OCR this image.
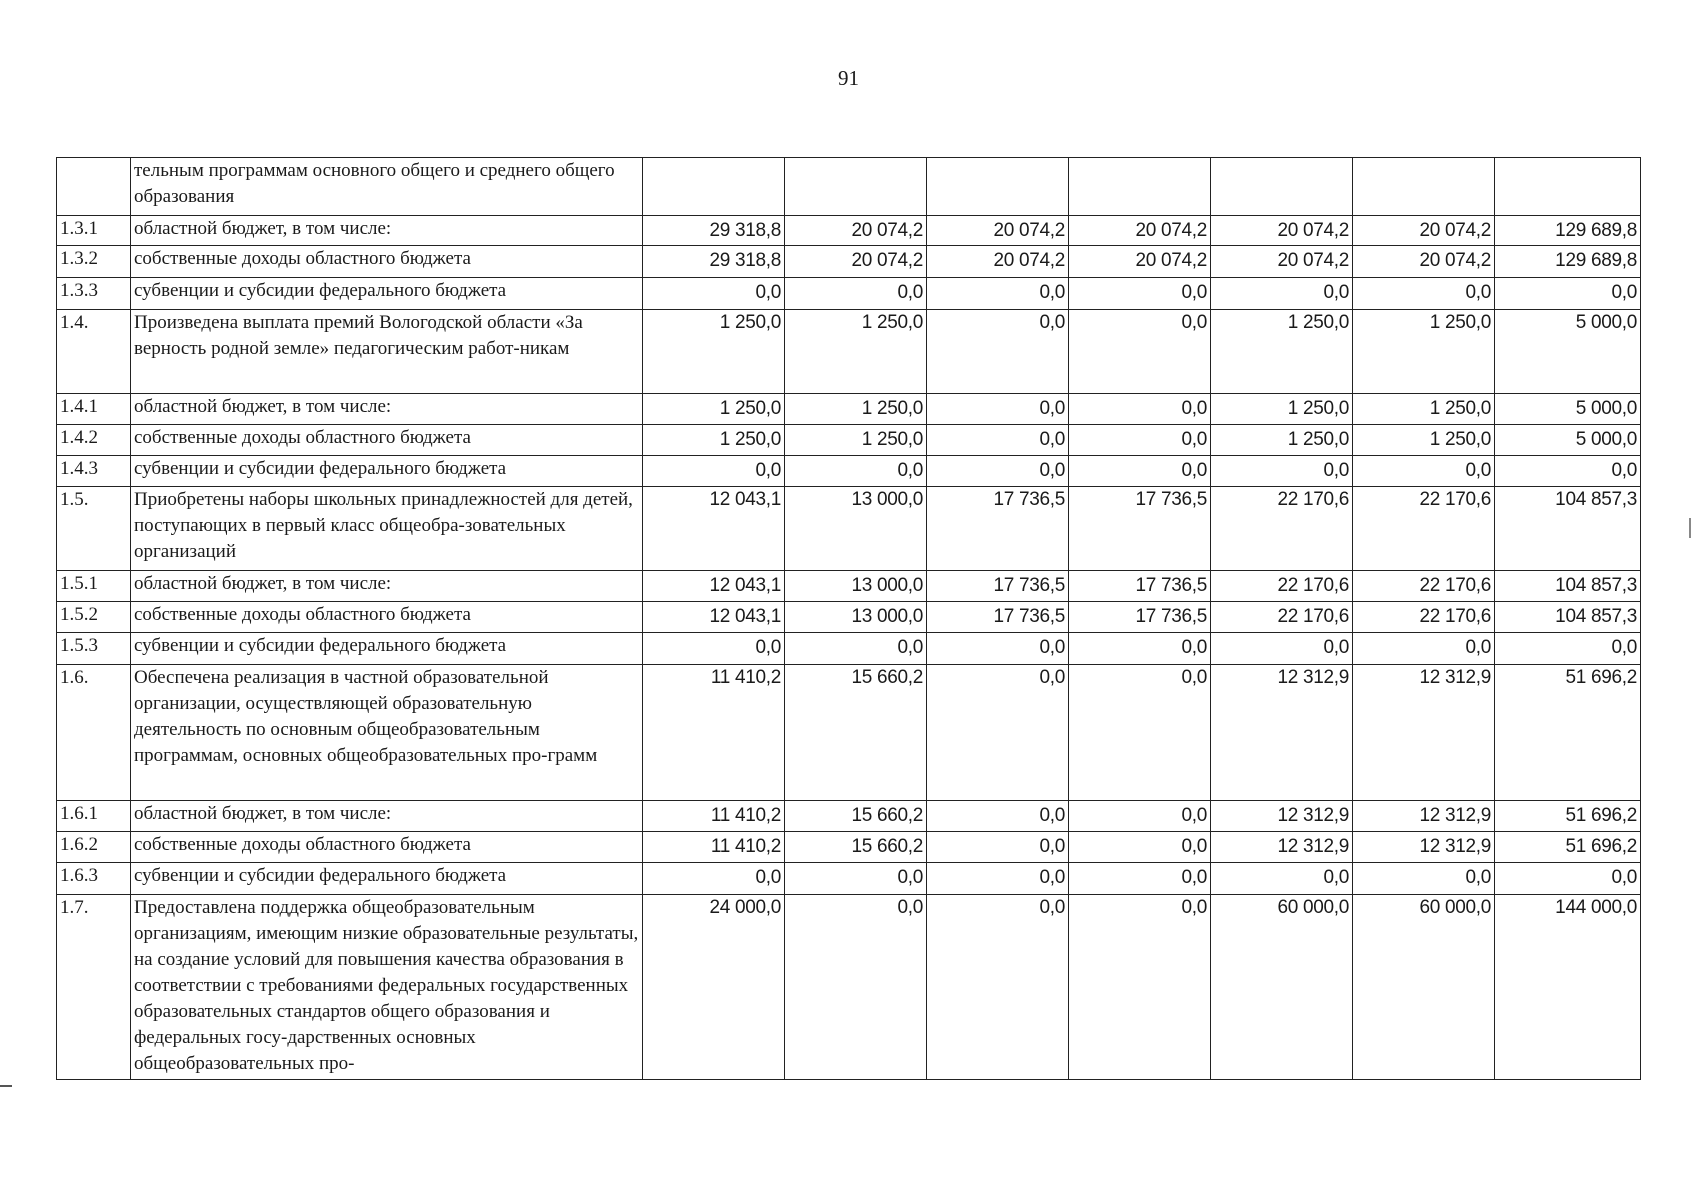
91
	тельным программам основного общего и среднего общего образования							
1.3.1	областной бюджет, в том числе:	29 318,8	20 074,2	20 074,2	20 074,2	20 074,2	20 074,2	129 689,8
1.3.2	собственные доходы областного бюджета	29 318,8	20 074,2	20 074,2	20 074,2	20 074,2	20 074,2	129 689,8
1.3.3	субвенции и субсидии федерального бюджета	0,0	0,0	0,0	0,0	0,0	0,0	0,0
1.4.	Произведена выплата премий Вологодской области «За верность родной земле» педагогическим работ-никам	1 250,0	1 250,0	0,0	0,0	1 250,0	1 250,0	5 000,0
1.4.1	областной бюджет, в том числе:	1 250,0	1 250,0	0,0	0,0	1 250,0	1 250,0	5 000,0
1.4.2	собственные доходы областного бюджета	1 250,0	1 250,0	0,0	0,0	1 250,0	1 250,0	5 000,0
1.4.3	субвенции и субсидии федерального бюджета	0,0	0,0	0,0	0,0	0,0	0,0	0,0
1.5.	Приобретены наборы школьных принадлежностей для детей, поступающих в первый класс общеобра-зовательных организаций	12 043,1	13 000,0	17 736,5	17 736,5	22 170,6	22 170,6	104 857,3
1.5.1	областной бюджет, в том числе:	12 043,1	13 000,0	17 736,5	17 736,5	22 170,6	22 170,6	104 857,3
1.5.2	собственные доходы областного бюджета	12 043,1	13 000,0	17 736,5	17 736,5	22 170,6	22 170,6	104 857,3
1.5.3	субвенции и субсидии федерального бюджета	0,0	0,0	0,0	0,0	0,0	0,0	0,0
1.6.	Обеспечена реализация в частной образовательной организации, осуществляющей образовательную деятельность по основным общеобразовательным программам, основных общеобразовательных про-грамм	11 410,2	15 660,2	0,0	0,0	12 312,9	12 312,9	51 696,2
1.6.1	областной бюджет, в том числе:	11 410,2	15 660,2	0,0	0,0	12 312,9	12 312,9	51 696,2
1.6.2	собственные доходы областного бюджета	11 410,2	15 660,2	0,0	0,0	12 312,9	12 312,9	51 696,2
1.6.3	субвенции и субсидии федерального бюджета	0,0	0,0	0,0	0,0	0,0	0,0	0,0
1.7.	Предоставлена поддержка общеобразовательным организациям, имеющим низкие образовательные результаты, на создание условий для повышения качества образования в соответствии с требованиями федеральных государственных образовательных стандартов общего образования и федеральных госу-дарственных основных общеобразовательных про-	24 000,0	0,0	0,0	0,0	60 000,0	60 000,0	144 000,0
